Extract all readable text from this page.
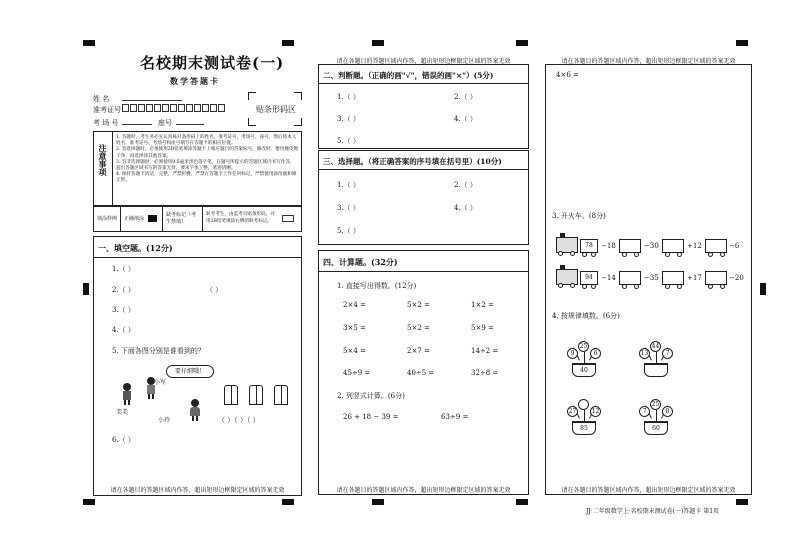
名校期末测试卷(一)
数学答题卡
姓 名
准考证号
考 场 号	座号
贴条形码区
注意事项
1. 答题时，考生务必先认真核对条形码上的姓名，准考证号，考场号，座号，然后将本人姓名、准考证号、考场号和座号填写在答题卡的相应位置。
2. 答选择题时，必须使用2B铅笔填涂答题卡上相应题目的答案标号，修改时，要用橡皮擦干净，再选择涂其他答案。
3. 答非选择题时，必须使用0.5毫米黑色签字笔，在题号所提示的答题区域内书写作答，超出答题区域书写的答案无效。要求字体工整，笔迹清晰。
4. 保持答题卡清洁，完整，严禁折叠，严禁在答题卡上作任何标记，严禁使用涂改液和修正带。
填涂样例 正确填涂
缺考标记（考生禁填）
缺考考生，由监考员贴条形码，并用2B铅笔填涂右侧的缺考标记。
一、填空题。(12分)
1.（ ）
2.（ ）	（ ）
3.（ ）
4.（ ）
5. 下面各图分别是谁看到的？
要仔细哦！
小军
美美
小玲	（ ）（ ）（ ）
6.（ ）
请在各题目的答题区域内作答，超出矩形边框限定区域的答案无效
请在各题目的答题区域内作答，超出矩形边框限定区域的答案无效
二、判断题。（正确的画"√"，错误的画"×"）(5分)
1.（ ）	2.（ ）
3.（ ）	4.（ ）
5.（ ）
三、选择题。（将正确答案的序号填在括号里）(10分)
1.（ ）	2.（ ）
3.（ ）	4.（ ）
5.（ ）
四、计算题。(32分)
1. 直接写出得数。(12分)
2×4 =	5×2 =	1×2 =
3×5 =	5×2 =	5×9 =
5×4 =	2×7 =	14÷2 =
45÷9 =	40÷5 =	32÷8 =
2. 列竖式计算。(6分)
26 + 18 − 39 =	63÷9 =
请在各题目的答题区域内作答，超出矩形边框限定区域的答案无效
请在各题目的答题区域内作答，超出矩形边框限定区域的答案无效
4×6 =
3. 开火车。(8分)
78	−18	−30	+12	−6
94	−14	−35	+17	−20
4. 按规律填数。(6分)
25
9	6
40
44
13	7
27	12
85
25
7	8
60
请在各题目的答题区域内作答，超出矩形边框限定区域的答案无效
JJ·二年级数学上·名校期末测试卷(一)答题卡 第1页
